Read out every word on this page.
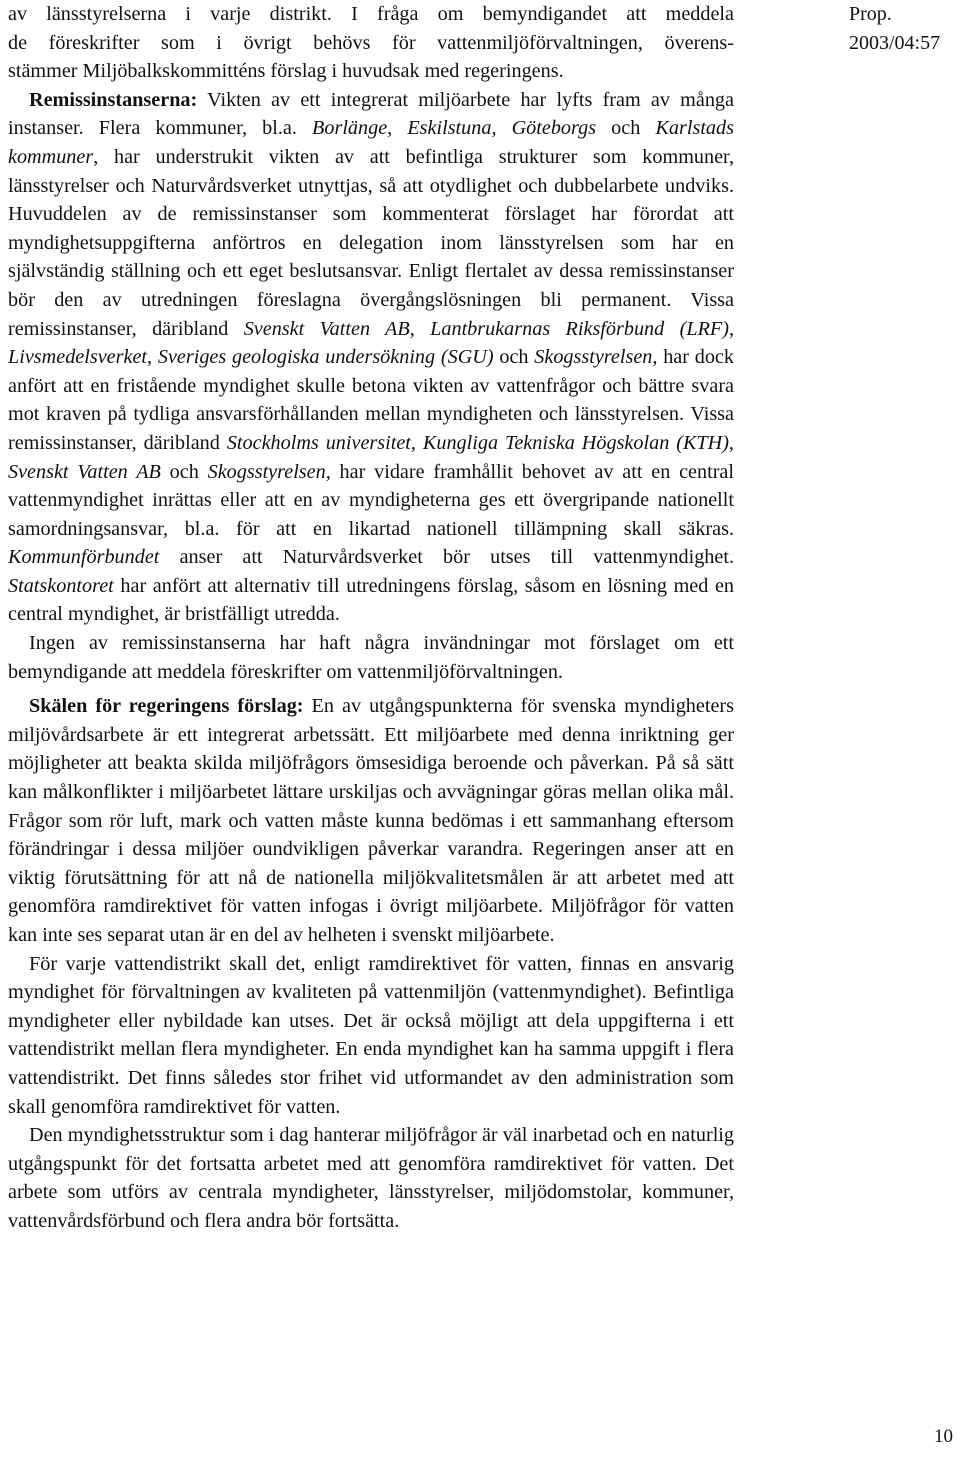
Prop. 2003/04:57

av länsstyrelserna i varje distrikt. I fråga om bemyndigandet att meddela
de föreskrifter som i övrigt behövs för vattenmiljöförvaltningen, överens-
stämmer Miljöbalkskommitténs förslag i huvudsak med regeringens.

Remissinstanserna: Vikten av ett integrerat miljöarbete har lyfts fram av många instanser. Flera kommuner, bl.a. Borlänge, Eskilstuna, Göteborgs och Karlstads kommuner, har understrukit vikten av att befintliga strukturer som kommuner, länsstyrelser och Naturvårdsverket utnyttjas, så att otydlighet och dubbelarbete undviks. Huvuddelen av de remissinstanser som kommenterat förslaget har förordat att myndighetsuppgifterna anförtros en delegation inom länsstyrelsen som har en självständig ställning och ett eget beslutsansvar. Enligt flertalet av dessa remissinstanser bör den av utredningen föreslagna övergångslösningen bli permanent. Vissa remissinstanser, däribland Svenskt Vatten AB, Lantbrukarnas Riksförbund (LRF), Livsmedelsverket, Sveriges geologiska undersökning (SGU) och Skogsstyrelsen, har dock anfört att en fristående myndighet skulle betona vikten av vattenfrågor och bättre svara mot kraven på tydliga ansvarsförhållanden mellan myndigheten och länsstyrelsen. Vissa remissinstanser, däribland Stockholms universitet, Kungliga Tekniska Högskolan (KTH), Svenskt Vatten AB och Skogsstyrelsen, har vidare framhållit behovet av att en central vattenmyndighet inrättas eller att en av myndigheterna ges ett övergripande nationellt samordningsansvar, bl.a. för att en likartad nationell tillämpning skall säkras. Kommunförbundet anser att Naturvårdsverket bör utses till vattenmyndighet. Statskontoret har anfört att alternativ till utredningens förslag, såsom en lösning med en central myndighet, är bristfälligt utredda.

Ingen av remissinstanserna har haft några invändningar mot förslaget om ett bemyndigande att meddela föreskrifter om vattenmiljöförvaltningen.

Skälen för regeringens förslag: En av utgångspunkterna för svenska myndigheters miljövårdsarbete är ett integrerat arbetssätt. Ett miljöarbete med denna inriktning ger möjligheter att beakta skilda miljöfrågors ömsesidiga beroende och påverkan. På så sätt kan målkonflikter i miljöarbetet lättare urskiljas och avvägningar göras mellan olika mål. Frågor som rör luft, mark och vatten måste kunna bedömas i ett sammanhang eftersom förändringar i dessa miljöer oundvikligen påverkar varandra. Regeringen anser att en viktig förutsättning för att nå de nationella miljökvalitetsmålen är att arbetet med att genomföra ramdirektivet för vatten infogas i övrigt miljöarbete. Miljöfrågor för vatten kan inte ses separat utan är en del av helheten i svenskt miljöarbete.

För varje vattendistrikt skall det, enligt ramdirektivet för vatten, finnas en ansvarig myndighet för förvaltningen av kvaliteten på vattenmiljön (vattenmyndighet). Befintliga myndigheter eller nybildade kan utses. Det är också möjligt att dela uppgifterna i ett vattendistrikt mellan flera myndigheter. En enda myndighet kan ha samma uppgift i flera vattendistrikt. Det finns således stor frihet vid utformandet av den administration som skall genomföra ramdirektivet för vatten.

Den myndighetsstruktur som i dag hanterar miljöfrågor är väl inarbetad och en naturlig utgångspunkt för det fortsatta arbetet med att genomföra ramdirektivet för vatten. Det arbete som utförs av centrala myndigheter, länsstyrelser, miljödomstolar, kommuner, vattenvårdsförbund och flera andra bör fortsätta.

10
